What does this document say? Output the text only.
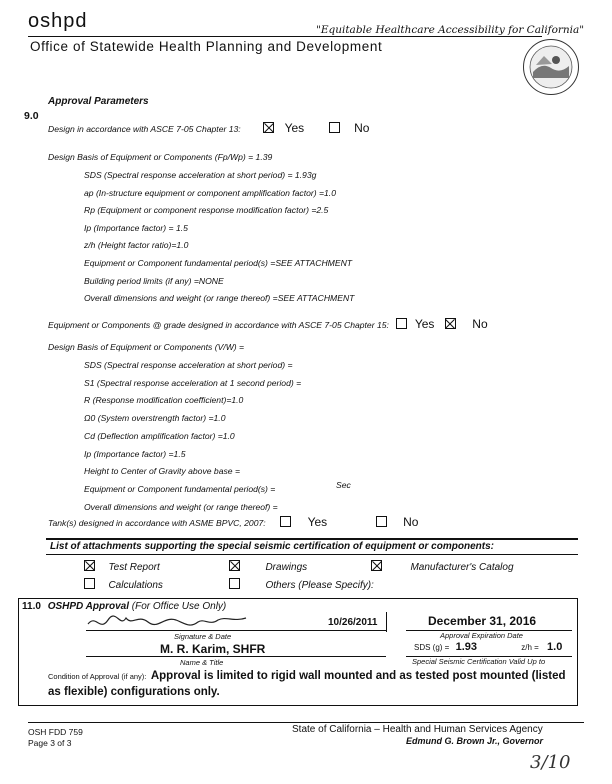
oshpd	"Equitable Healthcare Accessibility for California"
Office of Statewide Health Planning and Development
Approval Parameters
9.0
Design in accordance with ASCE 7-05 Chapter 13:	Yes	No
Design Basis of Equipment or Components (Fp/Wp) = 1.39
SDS (Spectral response acceleration at short period) = 1.93g
ap (In-structure equipment or component amplification factor) =1.0
Rp (Equipment or component response modification factor) =2.5
Ip (Importance factor) = 1.5
z/h (Height factor ratio)=1.0
Equipment or Component fundamental period(s) =SEE ATTACHMENT
Building period limits (if any) =NONE
Overall dimensions and weight (or range thereof) =SEE ATTACHMENT
Equipment or Components @ grade designed in accordance with ASCE 7-05 Chapter 15: Yes	No
Design Basis of Equipment or Components (V/W) =
SDS (Spectral response acceleration at short period) =
S1 (Spectral response acceleration at 1 second period) =
R (Response modification coefficient)=1.0
Ω0 (System overstrength factor) =1.0
Cd (Deflection amplification factor) =1.0
Ip (Importance factor) =1.5
Height to Center of Gravity above base =
Equipment or Component fundamental period(s) =
Overall dimensions and weight (or range thereof) =
Sec
Tank(s) designed in accordance with ASME BPVC, 2007:	Yes	No
List of attachments supporting the special seismic certification of equipment or components:
Test Report	Drawings	Manufacturer's Catalog
Calculations	Others (Please Specify):
11.0 OSHPD Approval (For Office Use Only)
10/26/2011	December 31, 2016
Signature & Date	Approval Expiration Date
M. R. Karim, SHFR	SDS (g) = 1.93	z/h = 1.0
Name & Title	Special Seismic Certification Valid Up to
Condition of Approval (if any): Approval is limited to rigid wall mounted and as tested post mounted (listed as flexible) configurations only.
OSH FDD 759
Page 3 of 3
State of California – Health and Human Services Agency
Edmund G. Brown Jr., Governor
3/10
